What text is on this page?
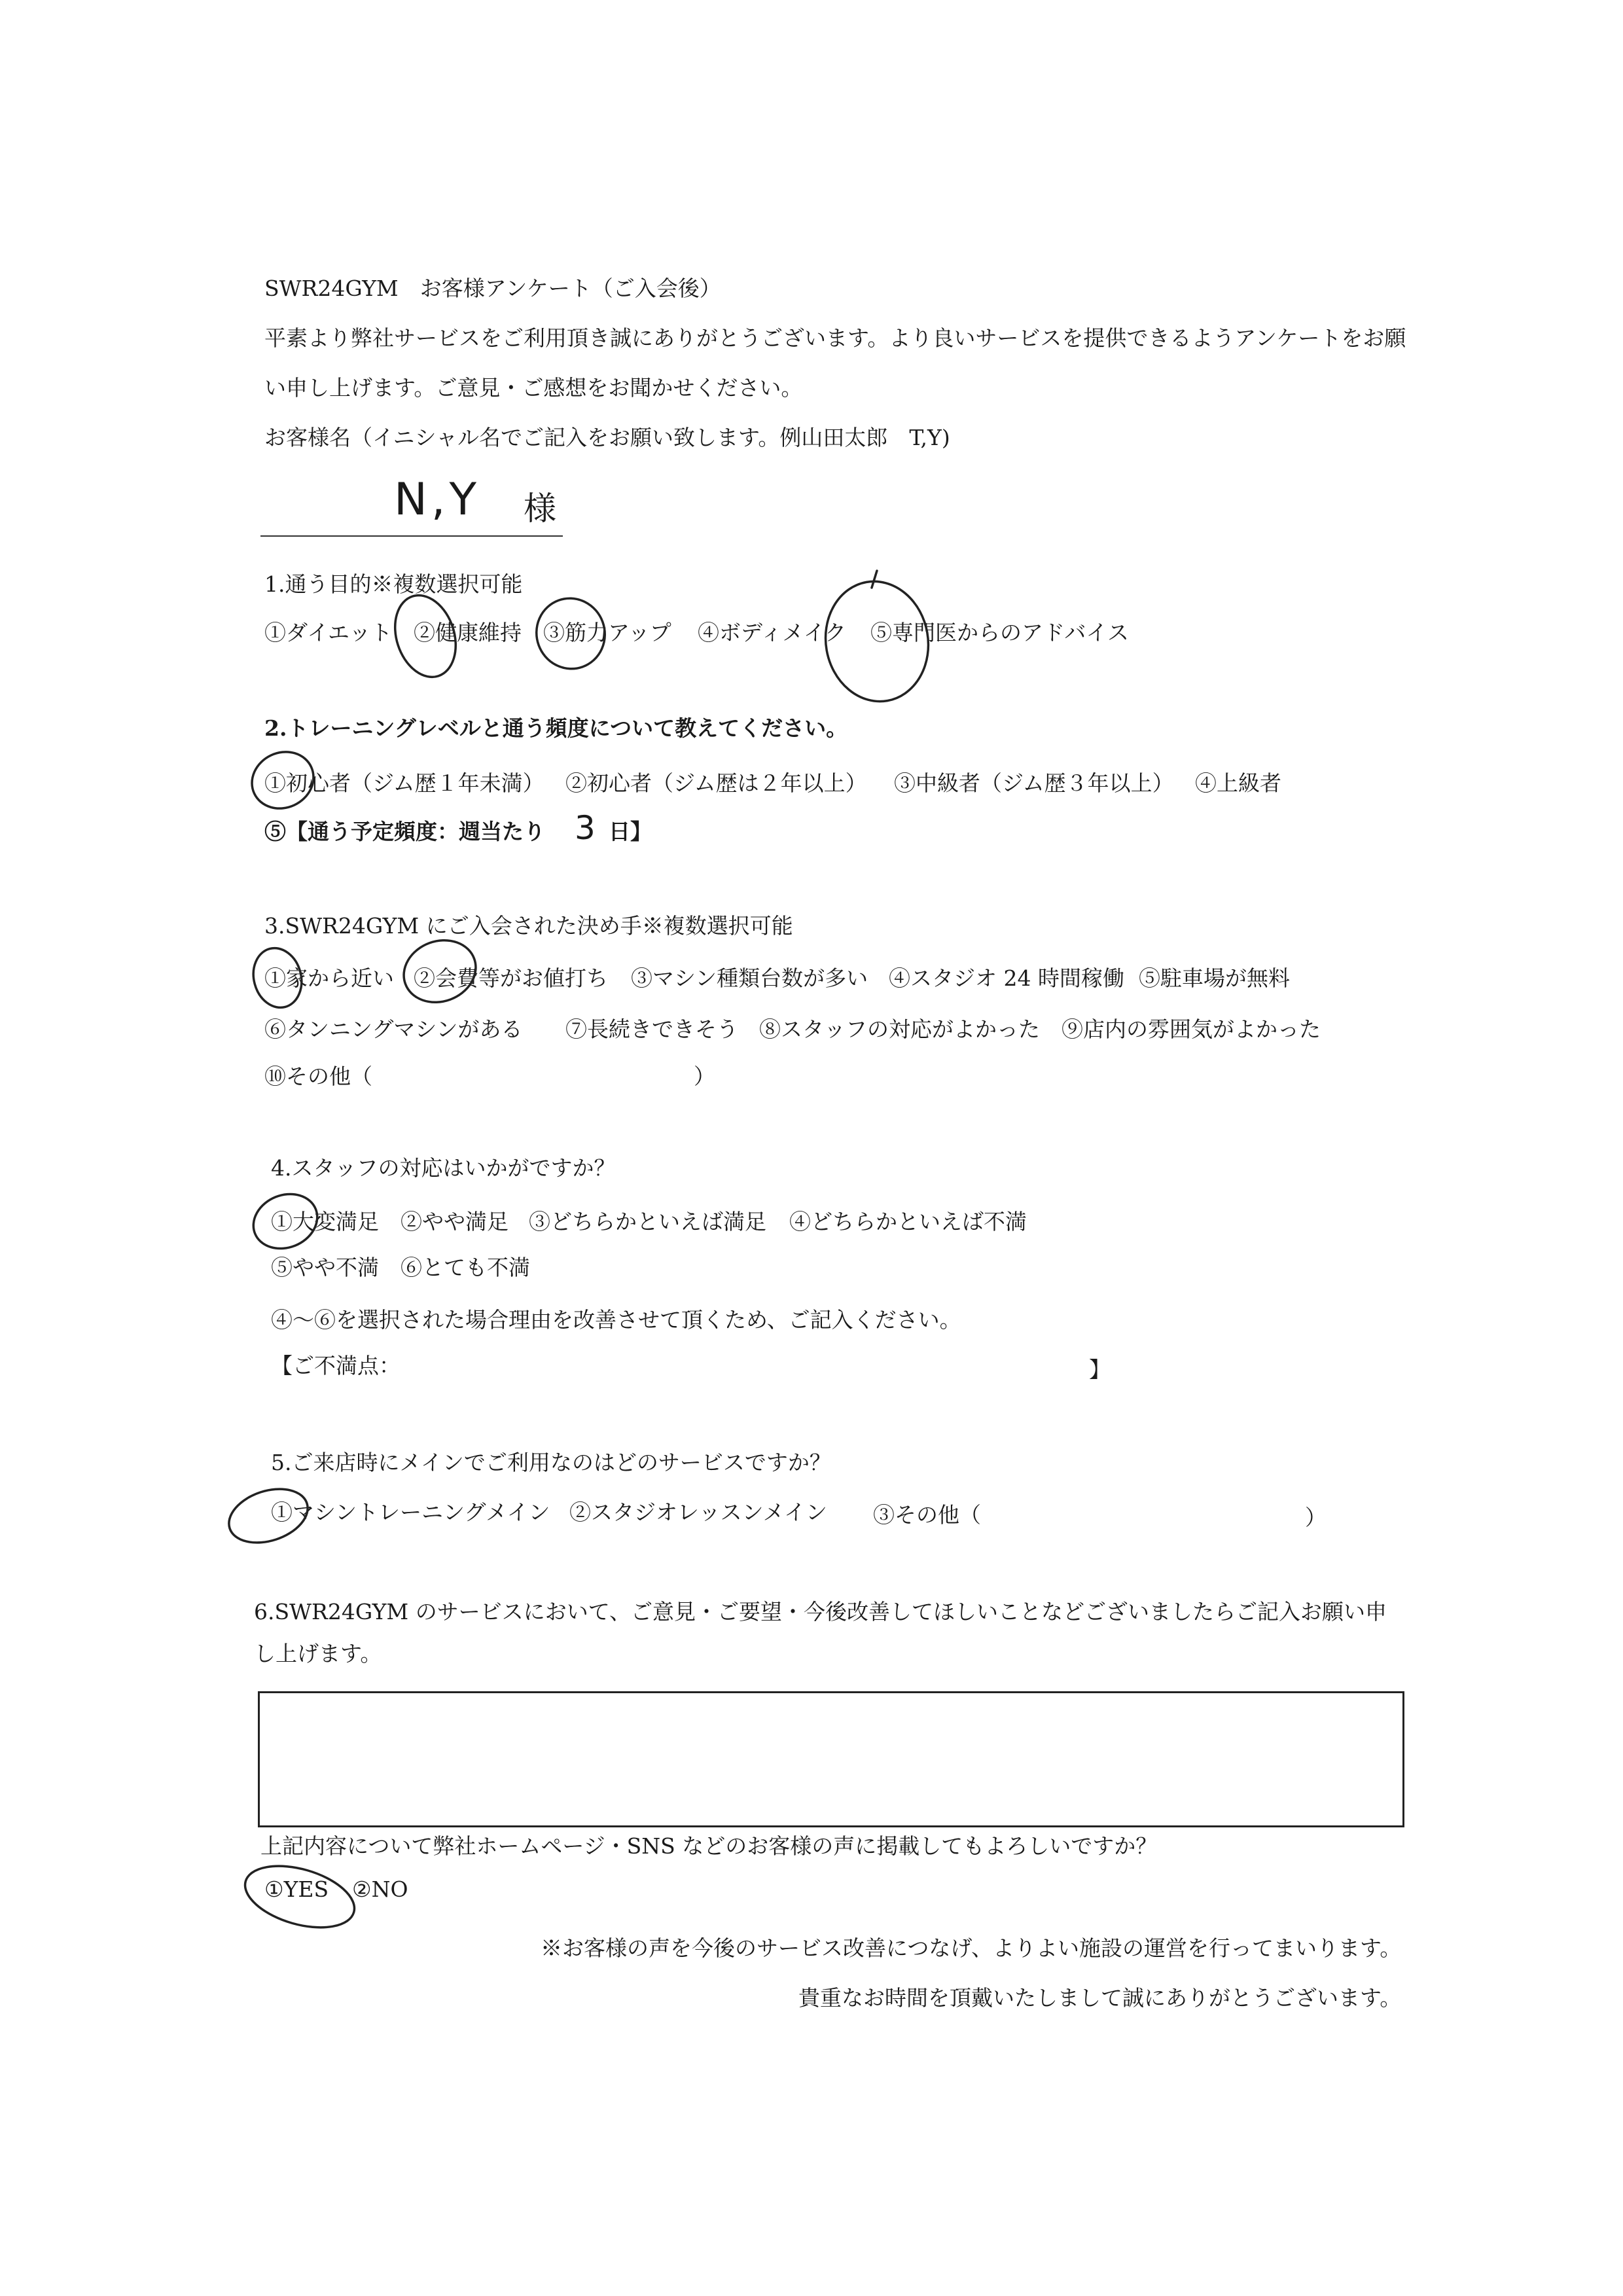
SWR24GYM　お客様アンケート（ご入会後）
平素より弊社サービスをご利用頂き誠にありがとうございます。より良いサービスを提供できるようアンケートをお願
い申し上げます。ご意見・ご感想をお聞かせください。
お客様名（イニシャル名でご記入をお願い致します。例山田太郎　T,Y)
N,Y 様
1.通う目的※複数選択可能
①ダイエット ②健康維持 ③筋力アップ ④ボディメイク ⑤専門医からのアドバイス
2.トレーニングレベルと通う頻度について教えてください。
①初心者（ジム歴１年未満） ②初心者（ジム歴は２年以上） ③中級者（ジム歴３年以上） ④上級者
⑤【通う予定頻度：週当たり 3 日】
3.SWR24GYM にご入会された決め手※複数選択可能
①家から近い ②会費等がお値打ち ③マシン種類台数が多い ④スタジオ 24 時間稼働 ⑤駐車場が無料
⑥タンニングマシンがある ⑦長続きできそう ⑧スタッフの対応がよかった ⑨店内の雰囲気がよかった
⑩その他（	）
4.スタッフの対応はいかがですか？
①大変満足 ②やや満足 ③どちらかといえば満足 ④どちらかといえば不満
⑤やや不満 ⑥とても不満
④～⑥を選択された場合理由を改善させて頂くため、ご記入ください。
【ご不満点：	】
5.ご来店時にメインでご利用なのはどのサービスですか？
①マシントレーニングメイン ②スタジオレッスンメイン ③その他（	）
6.SWR24GYM のサービスにおいて、ご意見・ご要望・今後改善してほしいことなどございましたらご記入お願い申
し上げます。
上記内容について弊社ホームページ・SNS などのお客様の声に掲載してもよろしいですか？
①YES ②NO
※お客様の声を今後のサービス改善につなげ、よりよい施設の運営を行ってまいります。
貴重なお時間を頂戴いたしまして誠にありがとうございます。
